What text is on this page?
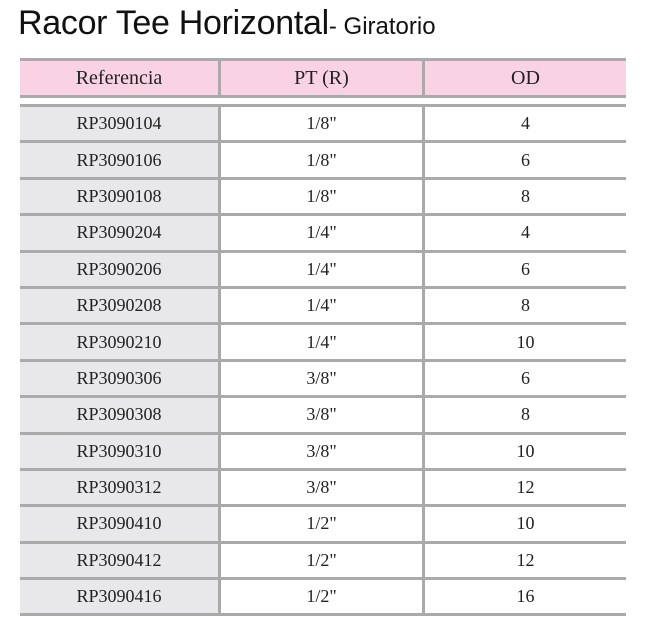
Racor Tee Horizontal- Giratorio
Referencia	PT (R)	OD

RP3090104	1/8"	4
RP3090106	1/8"	6
RP3090108	1/8"	8
RP3090204	1/4"	4
RP3090206	1/4"	6
RP3090208	1/4"	8
RP3090210	1/4"	10
RP3090306	3/8"	6
RP3090308	3/8"	8
RP3090310	3/8"	10
RP3090312	3/8"	12
RP3090410	1/2"	10
RP3090412	1/2"	12
RP3090416	1/2"	16
